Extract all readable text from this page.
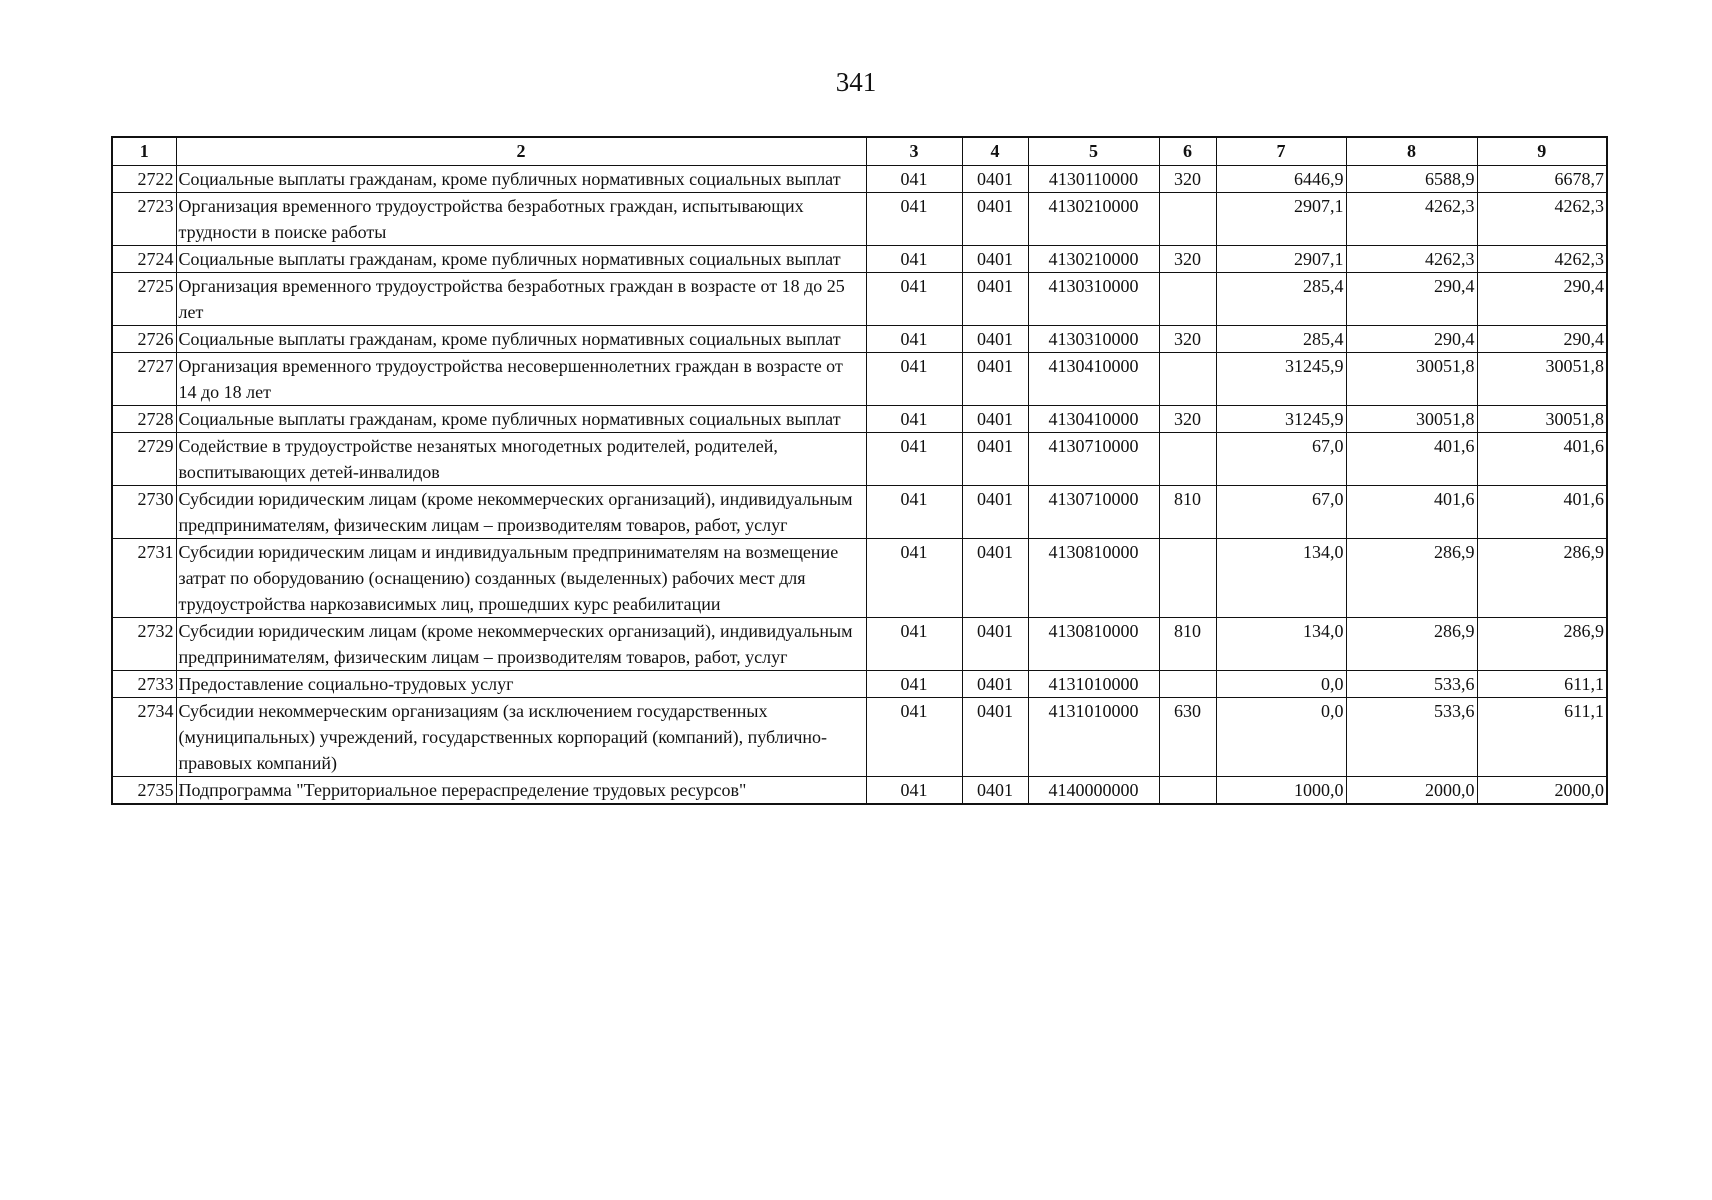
341
1	2	3	4	5	6	7	8	9
2722	Социальные выплаты гражданам, кроме публичных нормативных социальных выплат	041	0401	4130110000	320	6446,9	6588,9	6678,7
2723	Организация временного трудоустройства безработных граждан, испытывающих трудности в поиске работы	041	0401	4130210000		2907,1	4262,3	4262,3
2724	Социальные выплаты гражданам, кроме публичных нормативных социальных выплат	041	0401	4130210000	320	2907,1	4262,3	4262,3
2725	Организация временного трудоустройства безработных граждан в возрасте от 18 до 25 лет	041	0401	4130310000		285,4	290,4	290,4
2726	Социальные выплаты гражданам, кроме публичных нормативных социальных выплат	041	0401	4130310000	320	285,4	290,4	290,4
2727	Организация временного трудоустройства несовершеннолетних граждан в возрасте от 14 до 18 лет	041	0401	4130410000		31245,9	30051,8	30051,8
2728	Социальные выплаты гражданам, кроме публичных нормативных социальных выплат	041	0401	4130410000	320	31245,9	30051,8	30051,8
2729	Содействие в трудоустройстве незанятых многодетных родителей, родителей, воспитывающих детей-инвалидов	041	0401	4130710000		67,0	401,6	401,6
2730	Субсидии юридическим лицам (кроме некоммерческих организаций), индивидуальным предпринимателям, физическим лицам – производителям товаров, работ, услуг	041	0401	4130710000	810	67,0	401,6	401,6
2731	Субсидии юридическим лицам и индивидуальным предпринимателям на возмещение затрат по оборудованию (оснащению) созданных (выделенных) рабочих мест для трудоустройства наркозависимых лиц, прошедших курс реабилитации	041	0401	4130810000		134,0	286,9	286,9
2732	Субсидии юридическим лицам (кроме некоммерческих организаций), индивидуальным предпринимателям, физическим лицам – производителям товаров, работ, услуг	041	0401	4130810000	810	134,0	286,9	286,9
2733	Предоставление социально-трудовых услуг	041	0401	4131010000		0,0	533,6	611,1
2734	Субсидии некоммерческим организациям (за исключением государственных (муниципальных) учреждений, государственных корпораций (компаний), публично-правовых компаний)	041	0401	4131010000	630	0,0	533,6	611,1
2735	Подпрограмма "Территориальное перераспределение трудовых ресурсов"	041	0401	4140000000		1000,0	2000,0	2000,0
